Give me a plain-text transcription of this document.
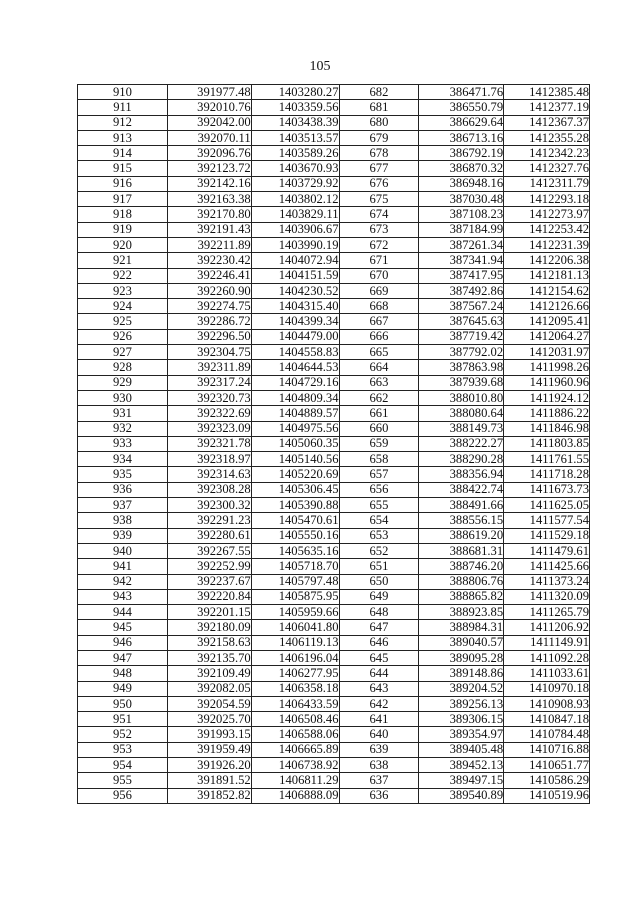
105
910	391977.48	1403280.27	682	386471.76	1412385.48
911	392010.76	1403359.56	681	386550.79	1412377.19
912	392042.00	1403438.39	680	386629.64	1412367.37
913	392070.11	1403513.57	679	386713.16	1412355.28
914	392096.76	1403589.26	678	386792.19	1412342.23
915	392123.72	1403670.93	677	386870.32	1412327.76
916	392142.16	1403729.92	676	386948.16	1412311.79
917	392163.38	1403802.12	675	387030.48	1412293.18
918	392170.80	1403829.11	674	387108.23	1412273.97
919	392191.43	1403906.67	673	387184.99	1412253.42
920	392211.89	1403990.19	672	387261.34	1412231.39
921	392230.42	1404072.94	671	387341.94	1412206.38
922	392246.41	1404151.59	670	387417.95	1412181.13
923	392260.90	1404230.52	669	387492.86	1412154.62
924	392274.75	1404315.40	668	387567.24	1412126.66
925	392286.72	1404399.34	667	387645.63	1412095.41
926	392296.50	1404479.00	666	387719.42	1412064.27
927	392304.75	1404558.83	665	387792.02	1412031.97
928	392311.89	1404644.53	664	387863.98	1411998.26
929	392317.24	1404729.16	663	387939.68	1411960.96
930	392320.73	1404809.34	662	388010.80	1411924.12
931	392322.69	1404889.57	661	388080.64	1411886.22
932	392323.09	1404975.56	660	388149.73	1411846.98
933	392321.78	1405060.35	659	388222.27	1411803.85
934	392318.97	1405140.56	658	388290.28	1411761.55
935	392314.63	1405220.69	657	388356.94	1411718.28
936	392308.28	1405306.45	656	388422.74	1411673.73
937	392300.32	1405390.88	655	388491.66	1411625.05
938	392291.23	1405470.61	654	388556.15	1411577.54
939	392280.61	1405550.16	653	388619.20	1411529.18
940	392267.55	1405635.16	652	388681.31	1411479.61
941	392252.99	1405718.70	651	388746.20	1411425.66
942	392237.67	1405797.48	650	388806.76	1411373.24
943	392220.84	1405875.95	649	388865.82	1411320.09
944	392201.15	1405959.66	648	388923.85	1411265.79
945	392180.09	1406041.80	647	388984.31	1411206.92
946	392158.63	1406119.13	646	389040.57	1411149.91
947	392135.70	1406196.04	645	389095.28	1411092.28
948	392109.49	1406277.95	644	389148.86	1411033.61
949	392082.05	1406358.18	643	389204.52	1410970.18
950	392054.59	1406433.59	642	389256.13	1410908.93
951	392025.70	1406508.46	641	389306.15	1410847.18
952	391993.15	1406588.06	640	389354.97	1410784.48
953	391959.49	1406665.89	639	389405.48	1410716.88
954	391926.20	1406738.92	638	389452.13	1410651.77
955	391891.52	1406811.29	637	389497.15	1410586.29
956	391852.82	1406888.09	636	389540.89	1410519.96
